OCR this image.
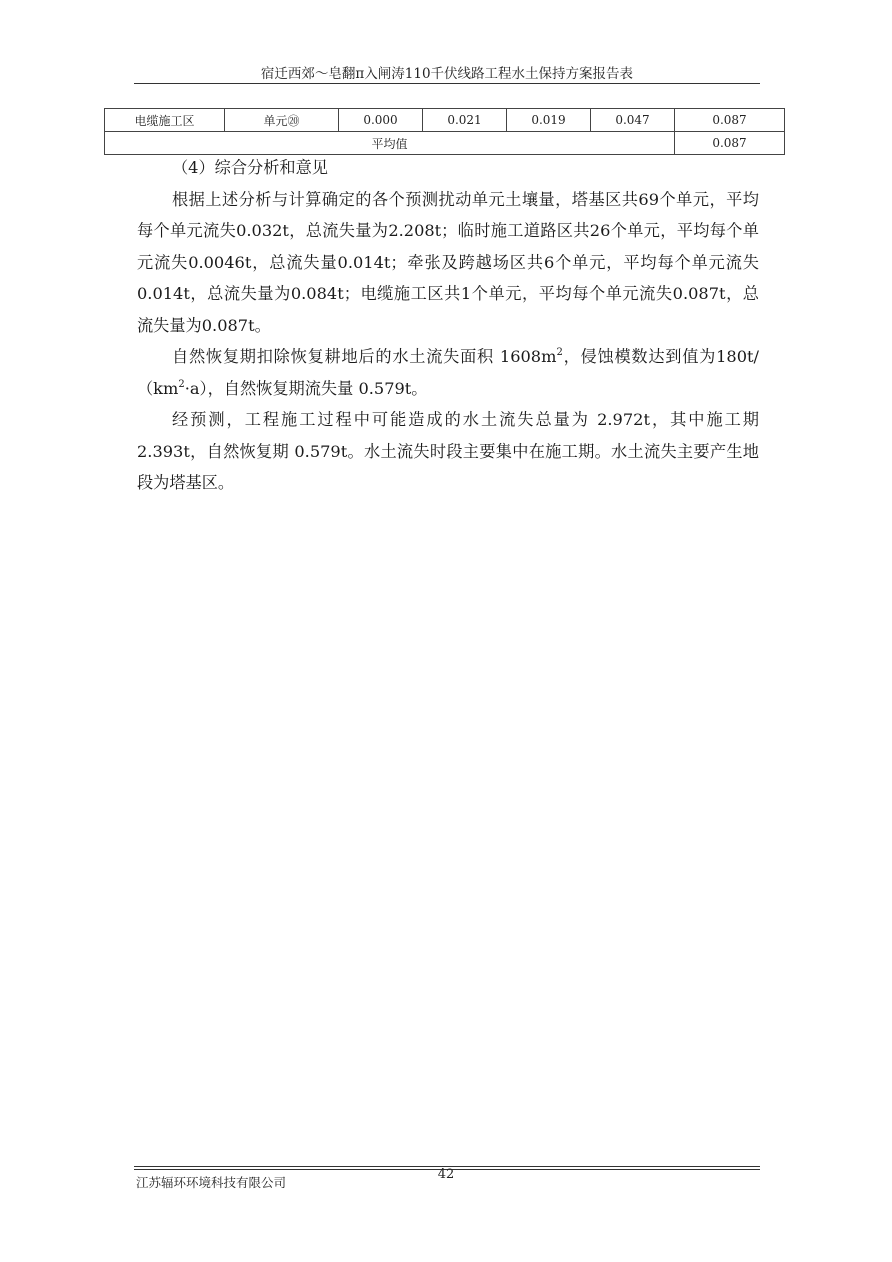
宿迁西郊～皂翻π入闸涛110千伏线路工程水土保持方案报告表
电缆施工区	单元⑳	0.000	0.021	0.019	0.047	0.087
平均值						0.087

（4）综合分析和意见

根据上述分析与计算确定的各个预测扰动单元土壤量，塔基区共69个单元，平均每个单元流失0.032t，总流失量为2.208t；临时施工道路区共26个单元，平均每个单元流失0.0046t，总流失量0.014t；牵张及跨越场区共6个单元，平均每个单元流失0.014t，总流失量为0.084t；电缆施工区共1个单元，平均每个单元流失0.087t，总流失量为0.087t。

自然恢复期扣除恢复耕地后的水土流失面积 $1608m^2$，侵蚀模数达到值为$180t/(km^2\cdot a)$，自然恢复期流失量 0.579t。

经预测，工程施工过程中可能造成的水土流失总量为 2.972t，其中施工期 2.393t，自然恢复期 0.579t。水土流失时段主要集中在施工期。水土流失主要产生地段为塔基区。

江苏辐环环境科技有限公司
42
